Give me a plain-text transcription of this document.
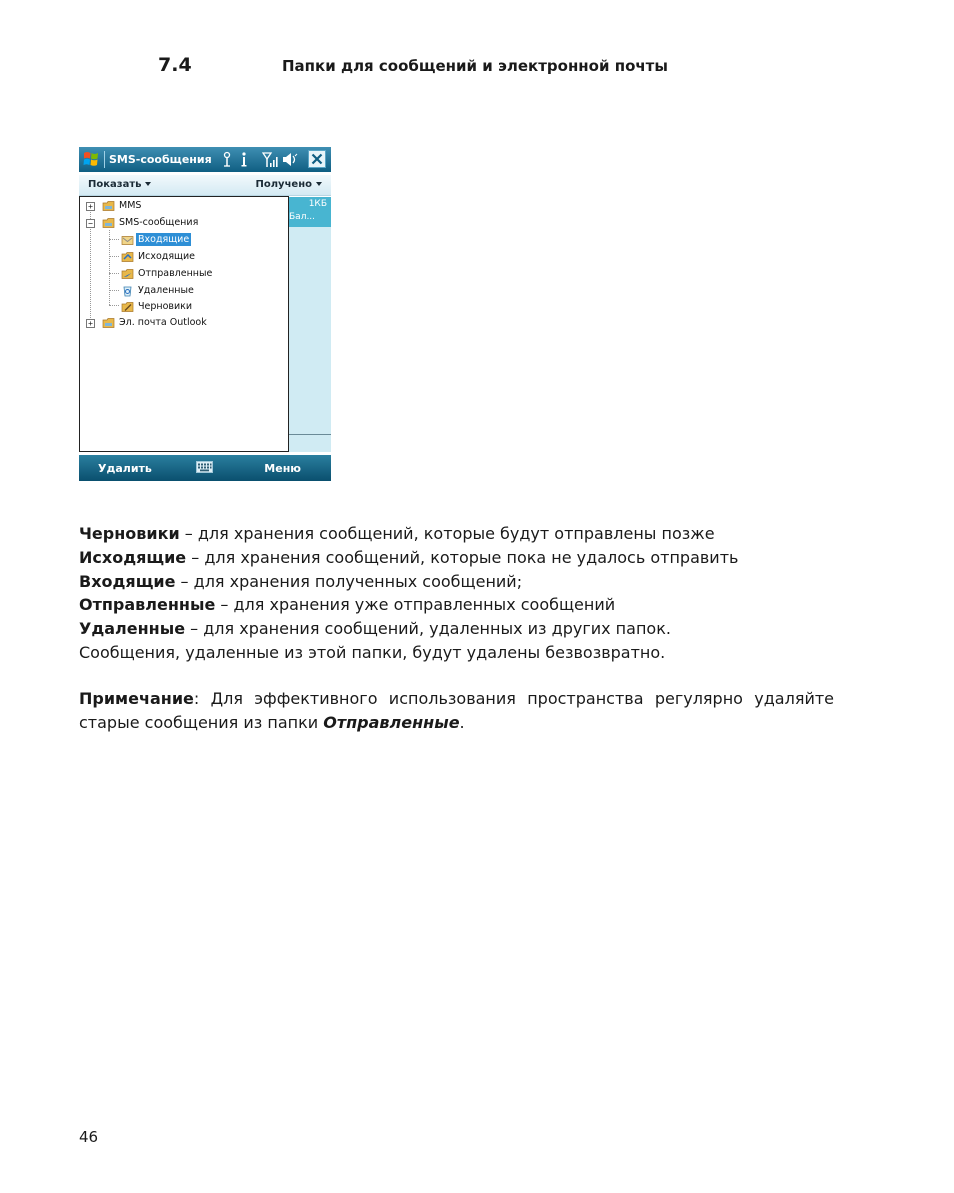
7.4	Папки для сообщений и электронной почты
SMS-сообщения
Показать	Получено
1КБ
Бал...
+
−
+
MMS
SMS-сообщения
Входящие
Исходящие
Отправленные
Удаленные
Черновики
Эл. почта Outlook
Удалить	Меню

Черновики – для хранения сообщений, которые будут отправлены позже

Исходящие – для хранения сообщений, которые пока не удалось отправить

Входящие – для хранения полученных сообщений;

Отправленные – для хранения уже отправленных сообщений

Удаленные – для хранения сообщений, удаленных из других папок.

Сообщения, удаленные из этой папки, будут удалены безвозвратно.

Примечание: Для эффективного использования пространства регулярно удаляйте старые сообщения из папки Отправленные.
46
